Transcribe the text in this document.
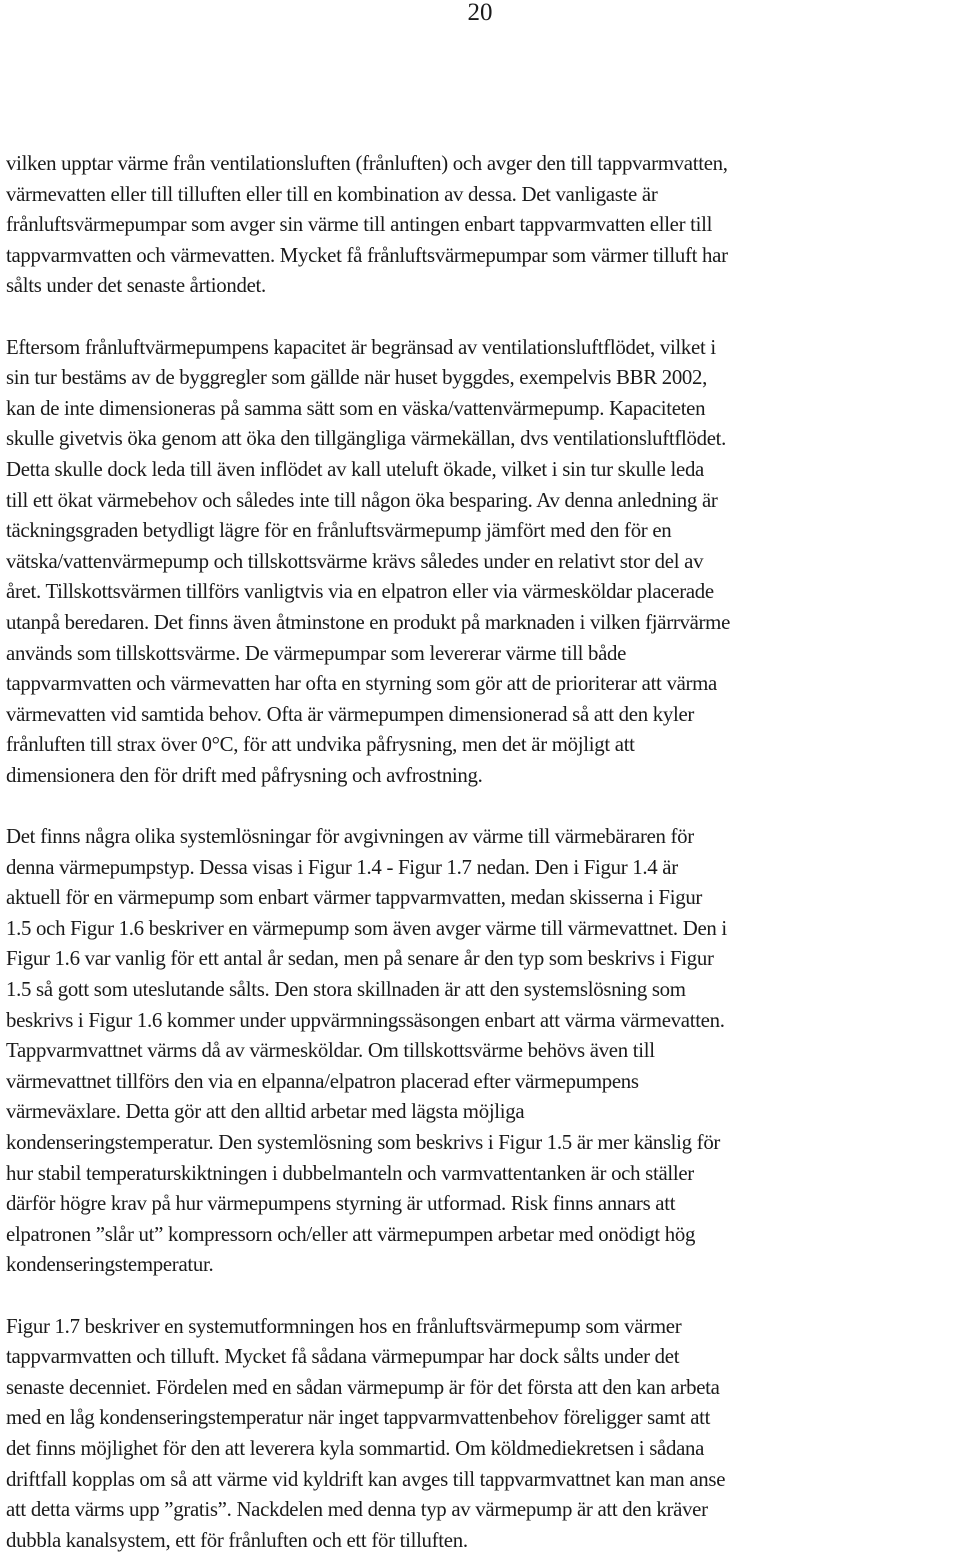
20

vilken upptar värme från ventilationsluften (frånluften) och avger den till tappvarmvatten,
värmevatten eller till tilluften eller till en kombination av dessa. Det vanligaste är
frånluftsvärmepumpar som avger sin värme till antingen enbart tappvarmvatten eller till
tappvarmvatten och värmevatten. Mycket få frånluftsvärmepumpar som värmer tilluft har
sålts under det senaste årtiondet.

Eftersom frånluftvärmepumpens kapacitet är begränsad av ventilationsluftflödet, vilket i
sin tur bestäms av de byggregler som gällde när huset byggdes, exempelvis BBR 2002,
kan de inte dimensioneras på samma sätt som en väska/vattenvärmepump. Kapaciteten
skulle givetvis öka genom att öka den tillgängliga värmekällan, dvs ventilationsluftflödet.
Detta skulle dock leda till även inflödet av kall uteluft ökade, vilket i sin tur skulle leda
till ett ökat värmebehov och således inte till någon öka besparing. Av denna anledning är
täckningsgraden betydligt lägre för en frånluftsvärmepump jämfört med den för en
vätska/vattenvärmepump och tillskottsvärme krävs således under en relativt stor del av
året. Tillskottsvärmen tillförs vanligtvis via en elpatron eller via värmesköldar placerade
utanpå beredaren. Det finns även åtminstone en produkt på marknaden i vilken fjärrvärme
används som tillskottsvärme. De värmepumpar som levererar värme till både
tappvarmvatten och värmevatten har ofta en styrning som gör att de prioriterar att värma
värmevatten vid samtida behov. Ofta är värmepumpen dimensionerad så att den kyler
frånluften till strax över 0°C, för att undvika påfrysning, men det är möjligt att
dimensionera den för drift med påfrysning och avfrostning.

Det finns några olika systemlösningar för avgivningen av värme till värmebäraren för
denna värmepumpstyp. Dessa visas i Figur 1.4 - Figur 1.7 nedan. Den i Figur 1.4 är
aktuell för en värmepump som enbart värmer tappvarmvatten, medan skisserna i Figur
1.5 och Figur 1.6 beskriver en värmepump som även avger värme till värmevattnet. Den i
Figur 1.6 var vanlig för ett antal år sedan, men på senare år den typ som beskrivs i Figur
1.5 så gott som uteslutande sålts. Den stora skillnaden är att den systemslösning som
beskrivs i Figur 1.6 kommer under uppvärmningssäsongen enbart att värma värmevatten.
Tappvarmvattnet värms då av värmesköldar. Om tillskottsvärme behövs även till
värmevattnet tillförs den via en elpanna/elpatron placerad efter värmepumpens
värmeväxlare. Detta gör att den alltid arbetar med lägsta möjliga
kondenseringstemperatur. Den systemlösning som beskrivs i Figur 1.5 är mer känslig för
hur stabil temperaturskiktningen i dubbelmanteln och varmvattentanken är och ställer
därför högre krav på hur värmepumpens styrning är utformad. Risk finns annars att
elpatronen ”slår ut” kompressorn och/eller att värmepumpen arbetar med onödigt hög
kondenseringstemperatur.

Figur 1.7 beskriver en systemutformningen hos en frånluftsvärmepump som värmer
tappvarmvatten och tilluft. Mycket få sådana värmepumpar har dock sålts under det
senaste decenniet. Fördelen med en sådan värmepump är för det första att den kan arbeta
med en låg kondenseringstemperatur när inget tappvarmvattenbehov föreligger samt att
det finns möjlighet för den att leverera kyla sommartid. Om köldmediekretsen i sådana
driftfall kopplas om så att värme vid kyldrift kan avges till tappvarmvattnet kan man anse
att detta värms upp ”gratis”. Nackdelen med denna typ av värmepump är att den kräver
dubbla kanalsystem, ett för frånluften och ett för tilluften.
